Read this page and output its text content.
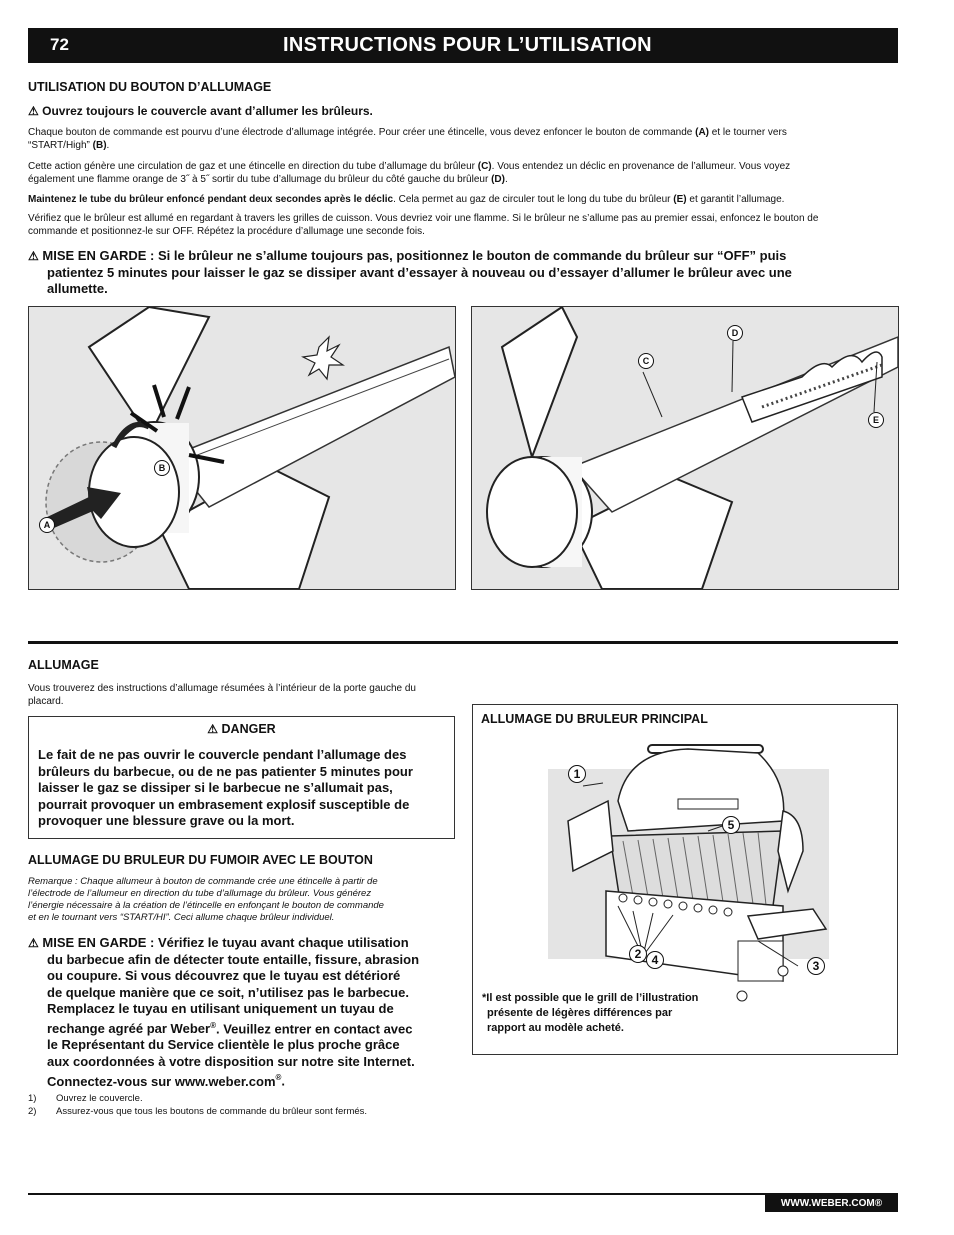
72	INSTRUCTIONS POUR L’UTILISATION
UTILISATION DU BOUTON D’ALLUMAGE
⚠ Ouvrez toujours le couvercle avant d’allumer les brûleurs.
Chaque bouton de commande est pourvu d’une électrode d’allumage intégrée. Pour créer une étincelle, vous devez enfoncer le bouton de commande (A) et le tourner vers
“START/High” (B).
Cette action génère une circulation de gaz et une étincelle en direction du tube d’allumage du brûleur (C). Vous entendez un déclic en provenance de l’allumeur. Vous voyez
également une flamme orange de 3˝ à 5˝ sortir du tube d’allumage du brûleur du côté gauche du brûleur (D).
Maintenez le tube du brûleur enfoncé pendant deux secondes après le déclic. Cela permet au gaz de circuler tout le long du tube du brûleur (E) et garantit l’allumage.
Vérifiez que le brûleur est allumé en regardant à travers les grilles de cuisson. Vous devriez voir une flamme. Si le brûleur ne s’allume pas au premier essai, enfoncez le bouton de
commande et positionnez-le sur OFF. Répétez la procédure d’allumage une seconde fois.
⚠ MISE EN GARDE : Si le brûleur ne s’allume toujours pas, positionnez le bouton de commande du brûleur sur “OFF” puis
patientez 5 minutes pour laisser le gaz se dissiper avant d’essayer à nouveau ou d’essayer d’allumer le brûleur avec une
allumette.
B
A
C
D
E
ALLUMAGE
Vous trouverez des instructions d’allumage résumées à l’intérieur de la porte gauche du
placard.
⚠ DANGER
Le fait de ne pas ouvrir le couvercle pendant l’allumage des
brûleurs du barbecue, ou de ne pas patienter 5 minutes pour
laisser le gaz se dissiper si le barbecue ne s’allumait pas,
pourrait provoquer un embrasement explosif susceptible de
provoquer une blessure grave ou la mort.
ALLUMAGE DU BRULEUR DU FUMOIR AVEC LE BOUTON
Remarque : Chaque allumeur à bouton de commande crée une étincelle à partir de
l’électrode de l’allumeur en direction du tube d’allumage du brûleur. Vous générez
l’énergie nécessaire à la création de l’étincelle en enfonçant le bouton de commande
et en le tournant vers “START/HI”. Ceci allume chaque brûleur individuel.
⚠ MISE EN GARDE : Vérifiez le tuyau avant chaque utilisation
du barbecue afin de détecter toute entaille, fissure, abrasion
ou coupure. Si vous découvrez que le tuyau est détérioré
de quelque manière que ce soit, n’utilisez pas le barbecue.
Remplacez le tuyau en utilisant uniquement un tuyau de
rechange agréé par Weber®. Veuillez entrer en contact avec
le Représentant du Service clientèle le plus proche grâce
aux coordonnées à votre disposition sur notre site Internet.
Connectez-vous sur www.weber.com®.
1) Ouvrez le couvercle.
2) Assurez-vous que tous les boutons de commande du brûleur sont fermés.
ALLUMAGE DU BRULEUR PRINCIPAL
1
5
2 4	3
*Il est possible que le grill de l’illustration
présente de légères différences par
rapport au modèle acheté.
WWW.WEBER.COM®
